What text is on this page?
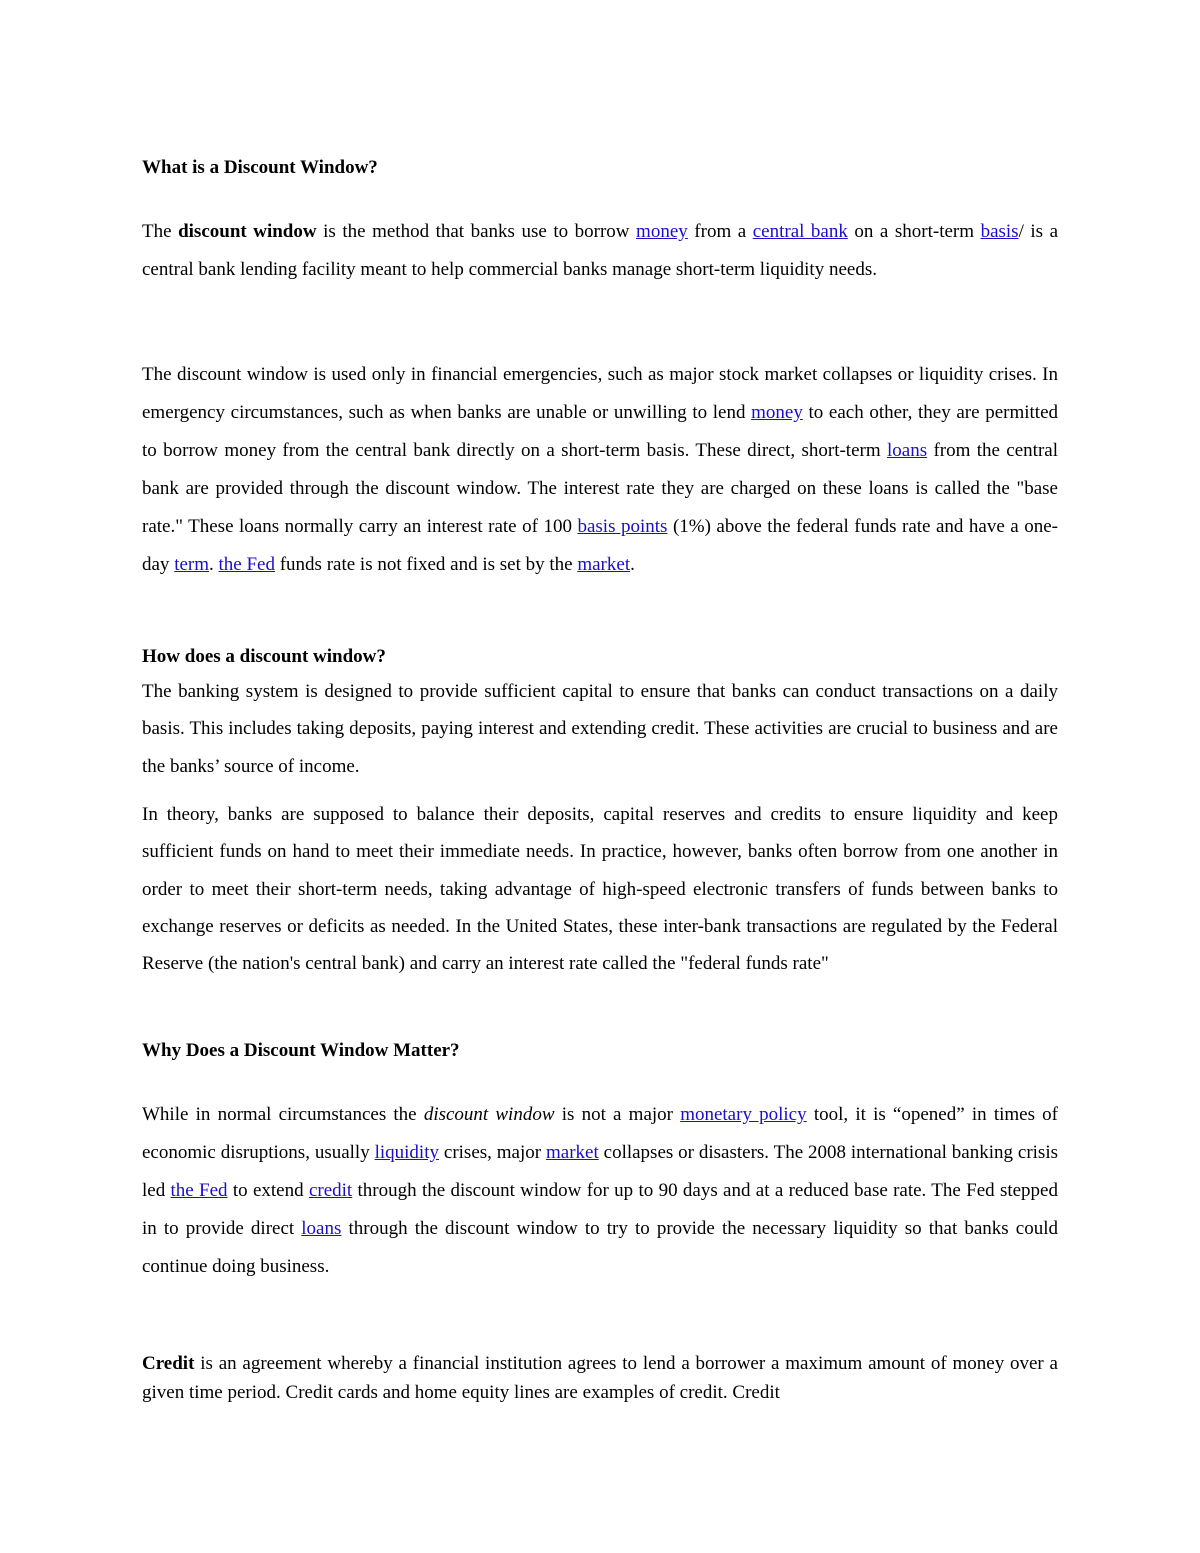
What is a Discount Window?

The discount window is the method that banks use to borrow money from a central bank on a short-term basis/ is a central bank lending facility meant to help commercial banks manage short-term liquidity needs.

The discount window is used only in financial emergencies, such as major stock market collapses or liquidity crises. In emergency circumstances, such as when banks are unable or unwilling to lend money to each other, they are permitted to borrow money from the central bank directly on a short-term basis. These direct, short-term loans from the central bank are provided through the discount window. The interest rate they are charged on these loans is called the "base rate." These loans normally carry an interest rate of 100 basis points (1%) above the federal funds rate and have a one-day term. the Fed funds rate is not fixed and is set by the market.

How does a discount window?

The banking system is designed to provide sufficient capital to ensure that banks can conduct transactions on a daily basis. This includes taking deposits, paying interest and extending credit. These activities are crucial to business and are the banks’ source of income.

In theory, banks are supposed to balance their deposits, capital reserves and credits to ensure liquidity and keep sufficient funds on hand to meet their immediate needs. In practice, however, banks often borrow from one another in order to meet their short-term needs, taking advantage of high-speed electronic transfers of funds between banks to exchange reserves or deficits as needed. In the United States, these inter-bank transactions are regulated by the Federal Reserve (the nation's central bank) and carry an interest rate called the "federal funds rate"

Why Does a Discount Window Matter?

While in normal circumstances the discount window is not a major monetary policy tool, it is “opened” in times of economic disruptions, usually liquidity crises, major market collapses or disasters. The 2008 international banking crisis led the Fed to extend credit through the discount window for up to 90 days and at a reduced base rate. The Fed stepped in to provide direct loans through the discount window to try to provide the necessary liquidity so that banks could continue doing business.

Credit is an agreement whereby a financial institution agrees to lend a borrower a maximum amount of money over a given time period. Credit cards and home equity lines are examples of credit. Credit
